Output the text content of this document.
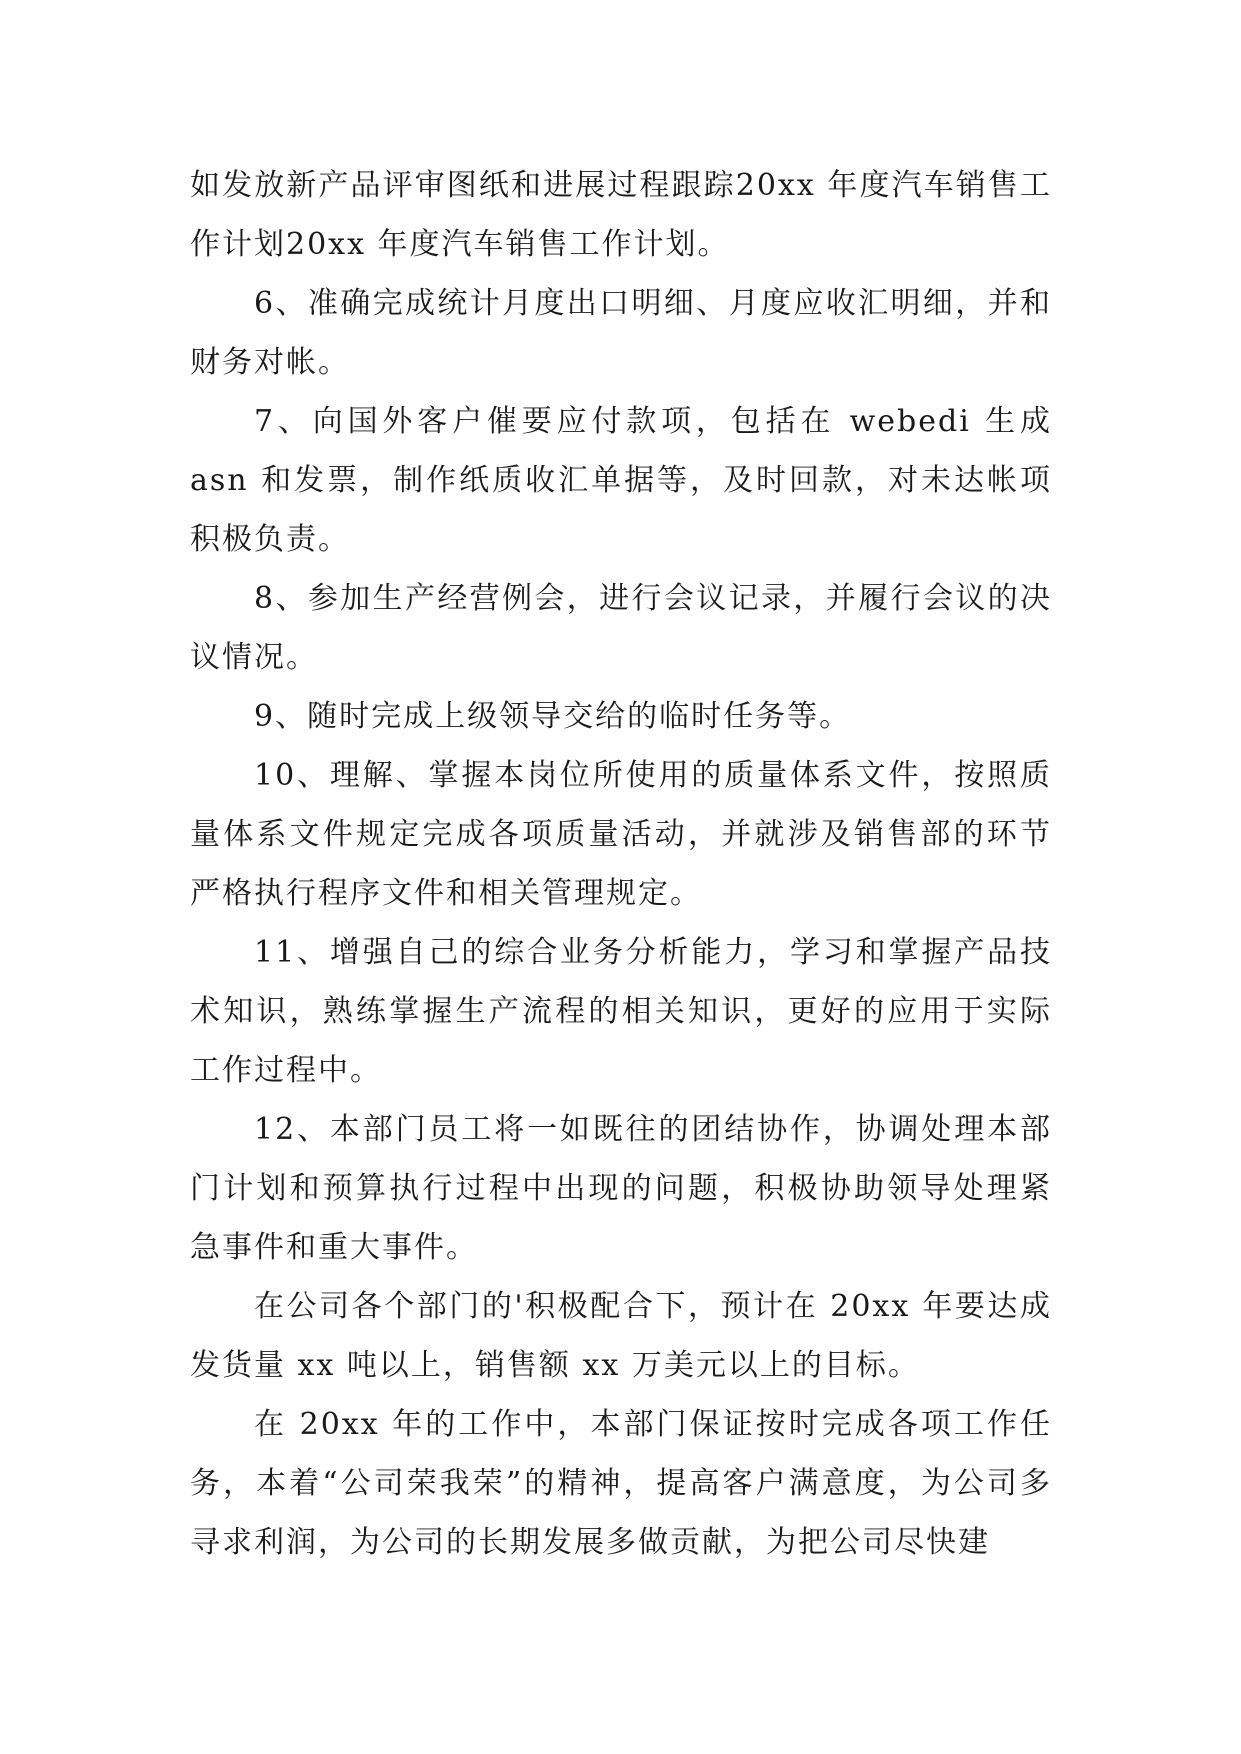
如发放新产品评审图纸和进展过程跟踪20xx 年度汽车销售工作计划20xx 年度汽车销售工作计划。

6、准确完成统计月度出口明细、月度应收汇明细，并和财务对帐。

7、向国外客户催要应付款项，包括在 webedi 生成 asn 和发票，制作纸质收汇单据等，及时回款，对未达帐项积极负责。

8、参加生产经营例会，进行会议记录，并履行会议的决议情况。

9、随时完成上级领导交给的临时任务等。

10、理解、掌握本岗位所使用的质量体系文件，按照质量体系文件规定完成各项质量活动，并就涉及销售部的环节严格执行程序文件和相关管理规定。

11、增强自己的综合业务分析能力，学习和掌握产品技术知识，熟练掌握生产流程的相关知识，更好的应用于实际工作过程中。

12、本部门员工将一如既往的团结协作，协调处理本部门计划和预算执行过程中出现的问题，积极协助领导处理紧急事件和重大事件。

在公司各个部门的'积极配合下，预计在 20xx 年要达成发货量 xx 吨以上，销售额 xx 万美元以上的目标。

在 20xx 年的工作中，本部门保证按时完成各项工作任务，本着“公司荣我荣”的精神，提高客户满意度，为公司多寻求利润，为公司的长期发展多做贡献，为把公司尽快建
